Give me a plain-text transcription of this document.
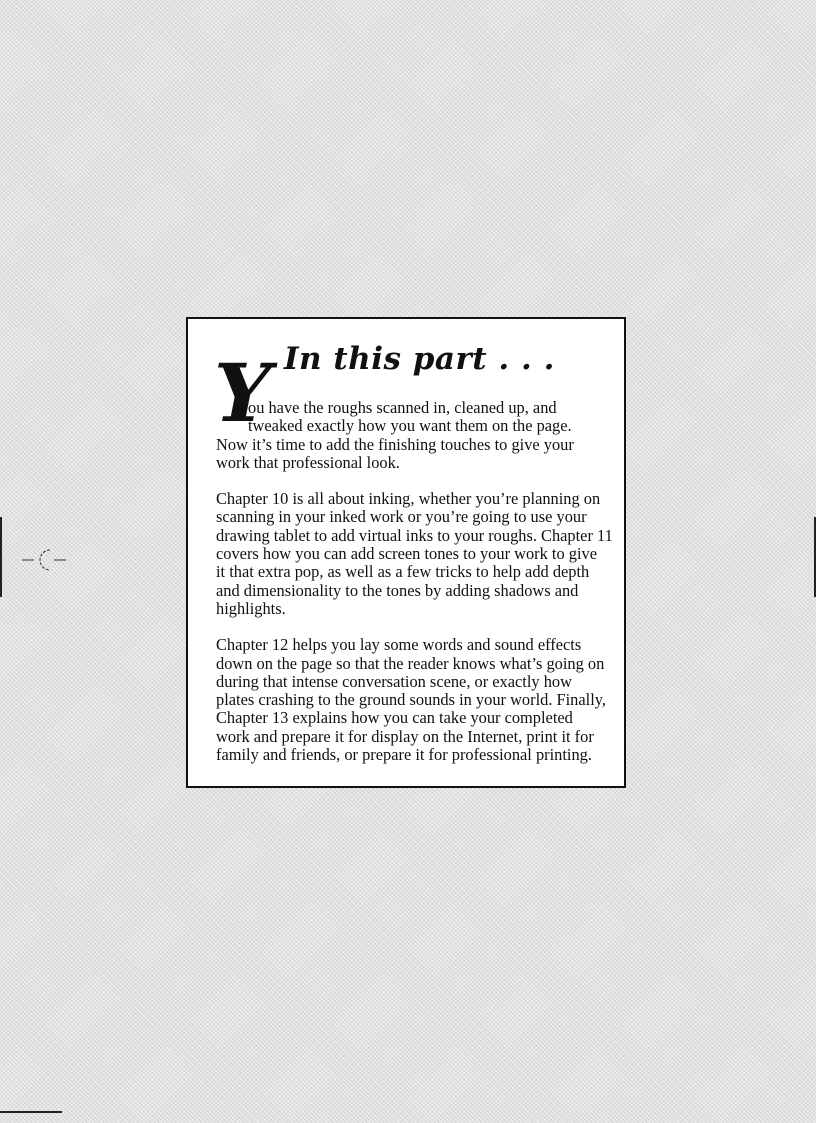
In this part . . .
Y
ou have the roughs scanned in, cleaned up, and
tweaked exactly how you want them on the page.
Now it’s time to add the finishing touches to give your
work that professional look.
Chapter 10 is all about inking, whether you’re planning on
scanning in your inked work or you’re going to use your
drawing tablet to add virtual inks to your roughs. Chapter 11
covers how you can add screen tones to your work to give
it that extra pop, as well as a few tricks to help add depth
and dimensionality to the tones by adding shadows and
highlights.
Chapter 12 helps you lay some words and sound effects
down on the page so that the reader knows what’s going on
during that intense conversation scene, or exactly how
plates crashing to the ground sounds in your world. Finally,
Chapter 13 explains how you can take your completed
work and prepare it for display on the Internet, print it for
family and friends, or prepare it for professional printing.
